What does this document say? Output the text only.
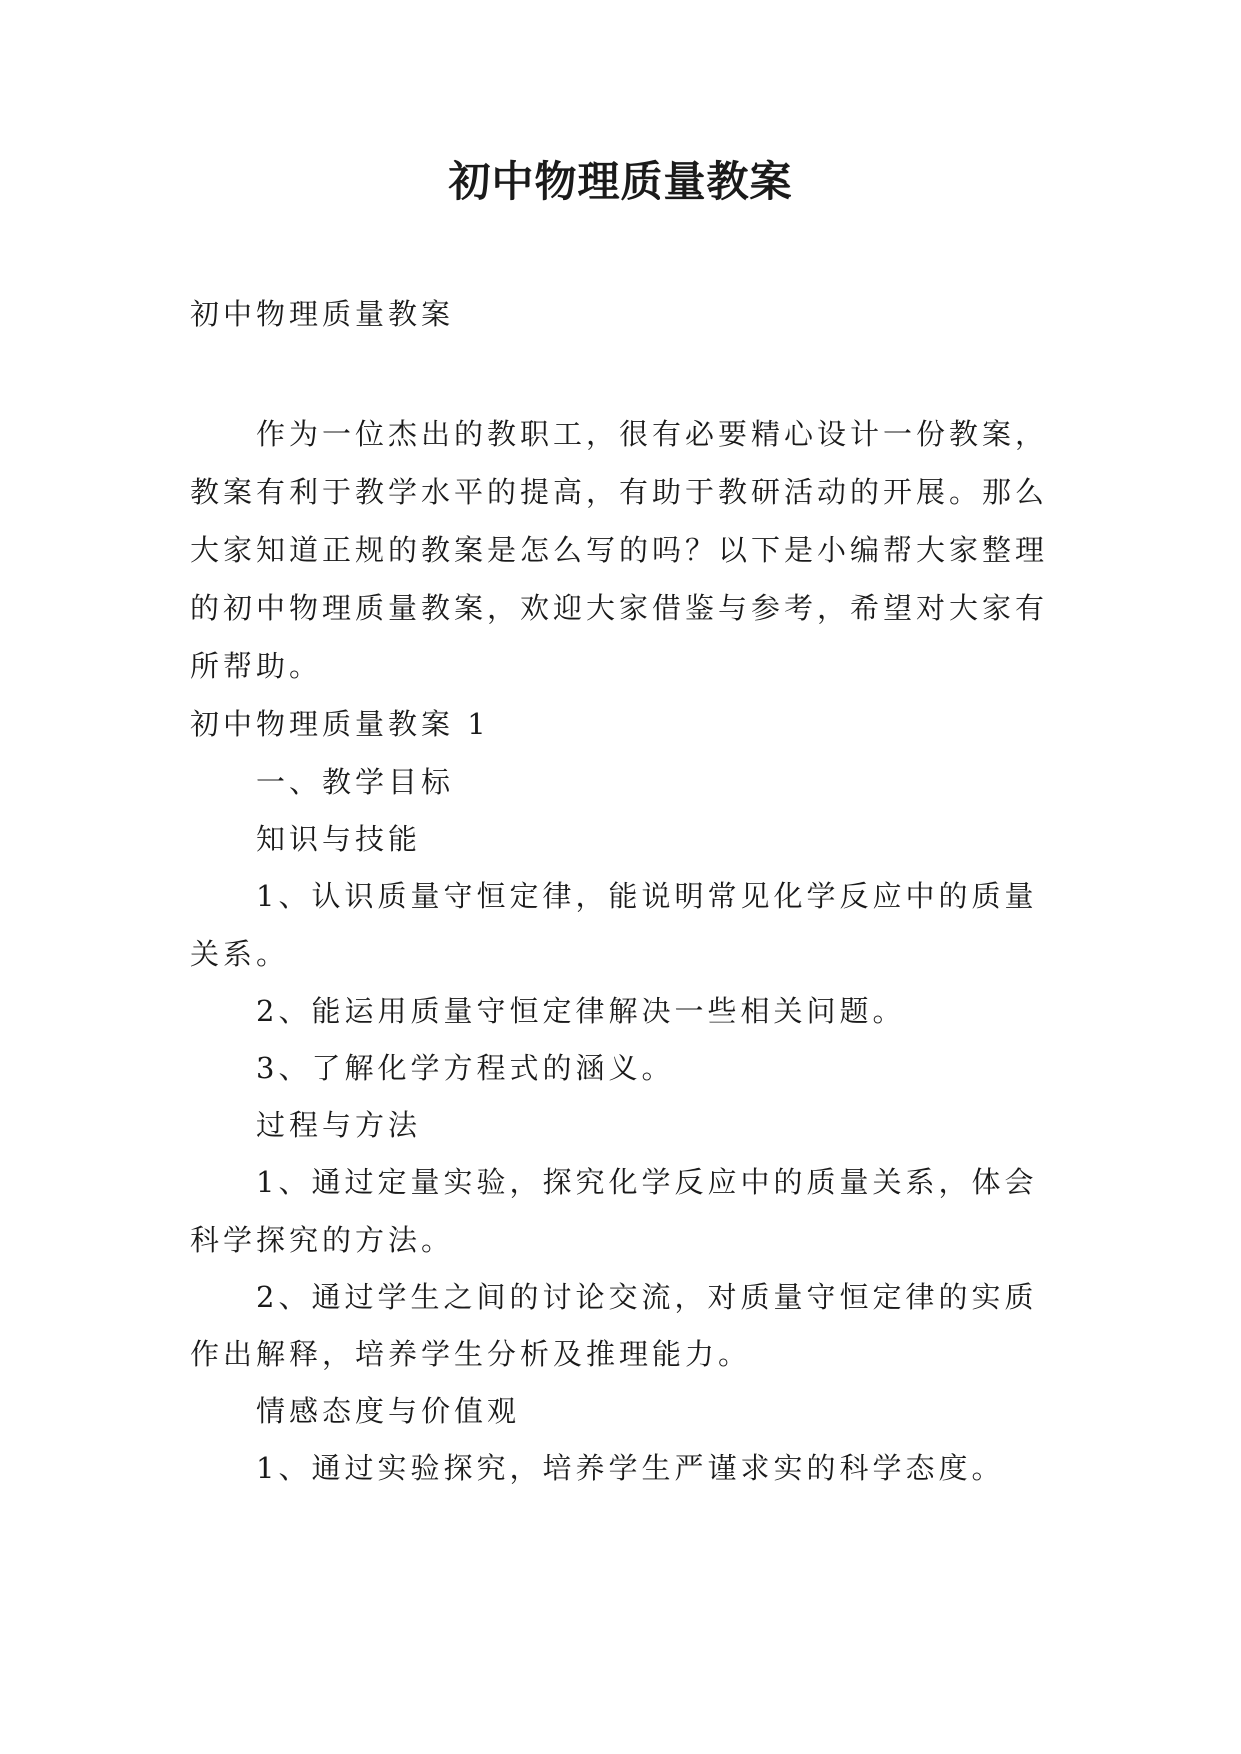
初中物理质量教案

初中物理质量教案

作为一位杰出的教职工，很有必要精心设计一份教案，教案有利于教学水平的提高，有助于教研活动的开展。那么大家知道正规的教案是怎么写的吗？以下是小编帮大家整理的初中物理质量教案，欢迎大家借鉴与参考，希望对大家有所帮助。

初中物理质量教案 1

一、教学目标

知识与技能

1、认识质量守恒定律，能说明常见化学反应中的质量关系。

2、能运用质量守恒定律解决一些相关问题。

3、了解化学方程式的涵义。

过程与方法

1、通过定量实验，探究化学反应中的质量关系，体会科学探究的方法。

2、通过学生之间的讨论交流，对质量守恒定律的实质作出解释，培养学生分析及推理能力。

情感态度与价值观

1、通过实验探究，培养学生严谨求实的科学态度。
